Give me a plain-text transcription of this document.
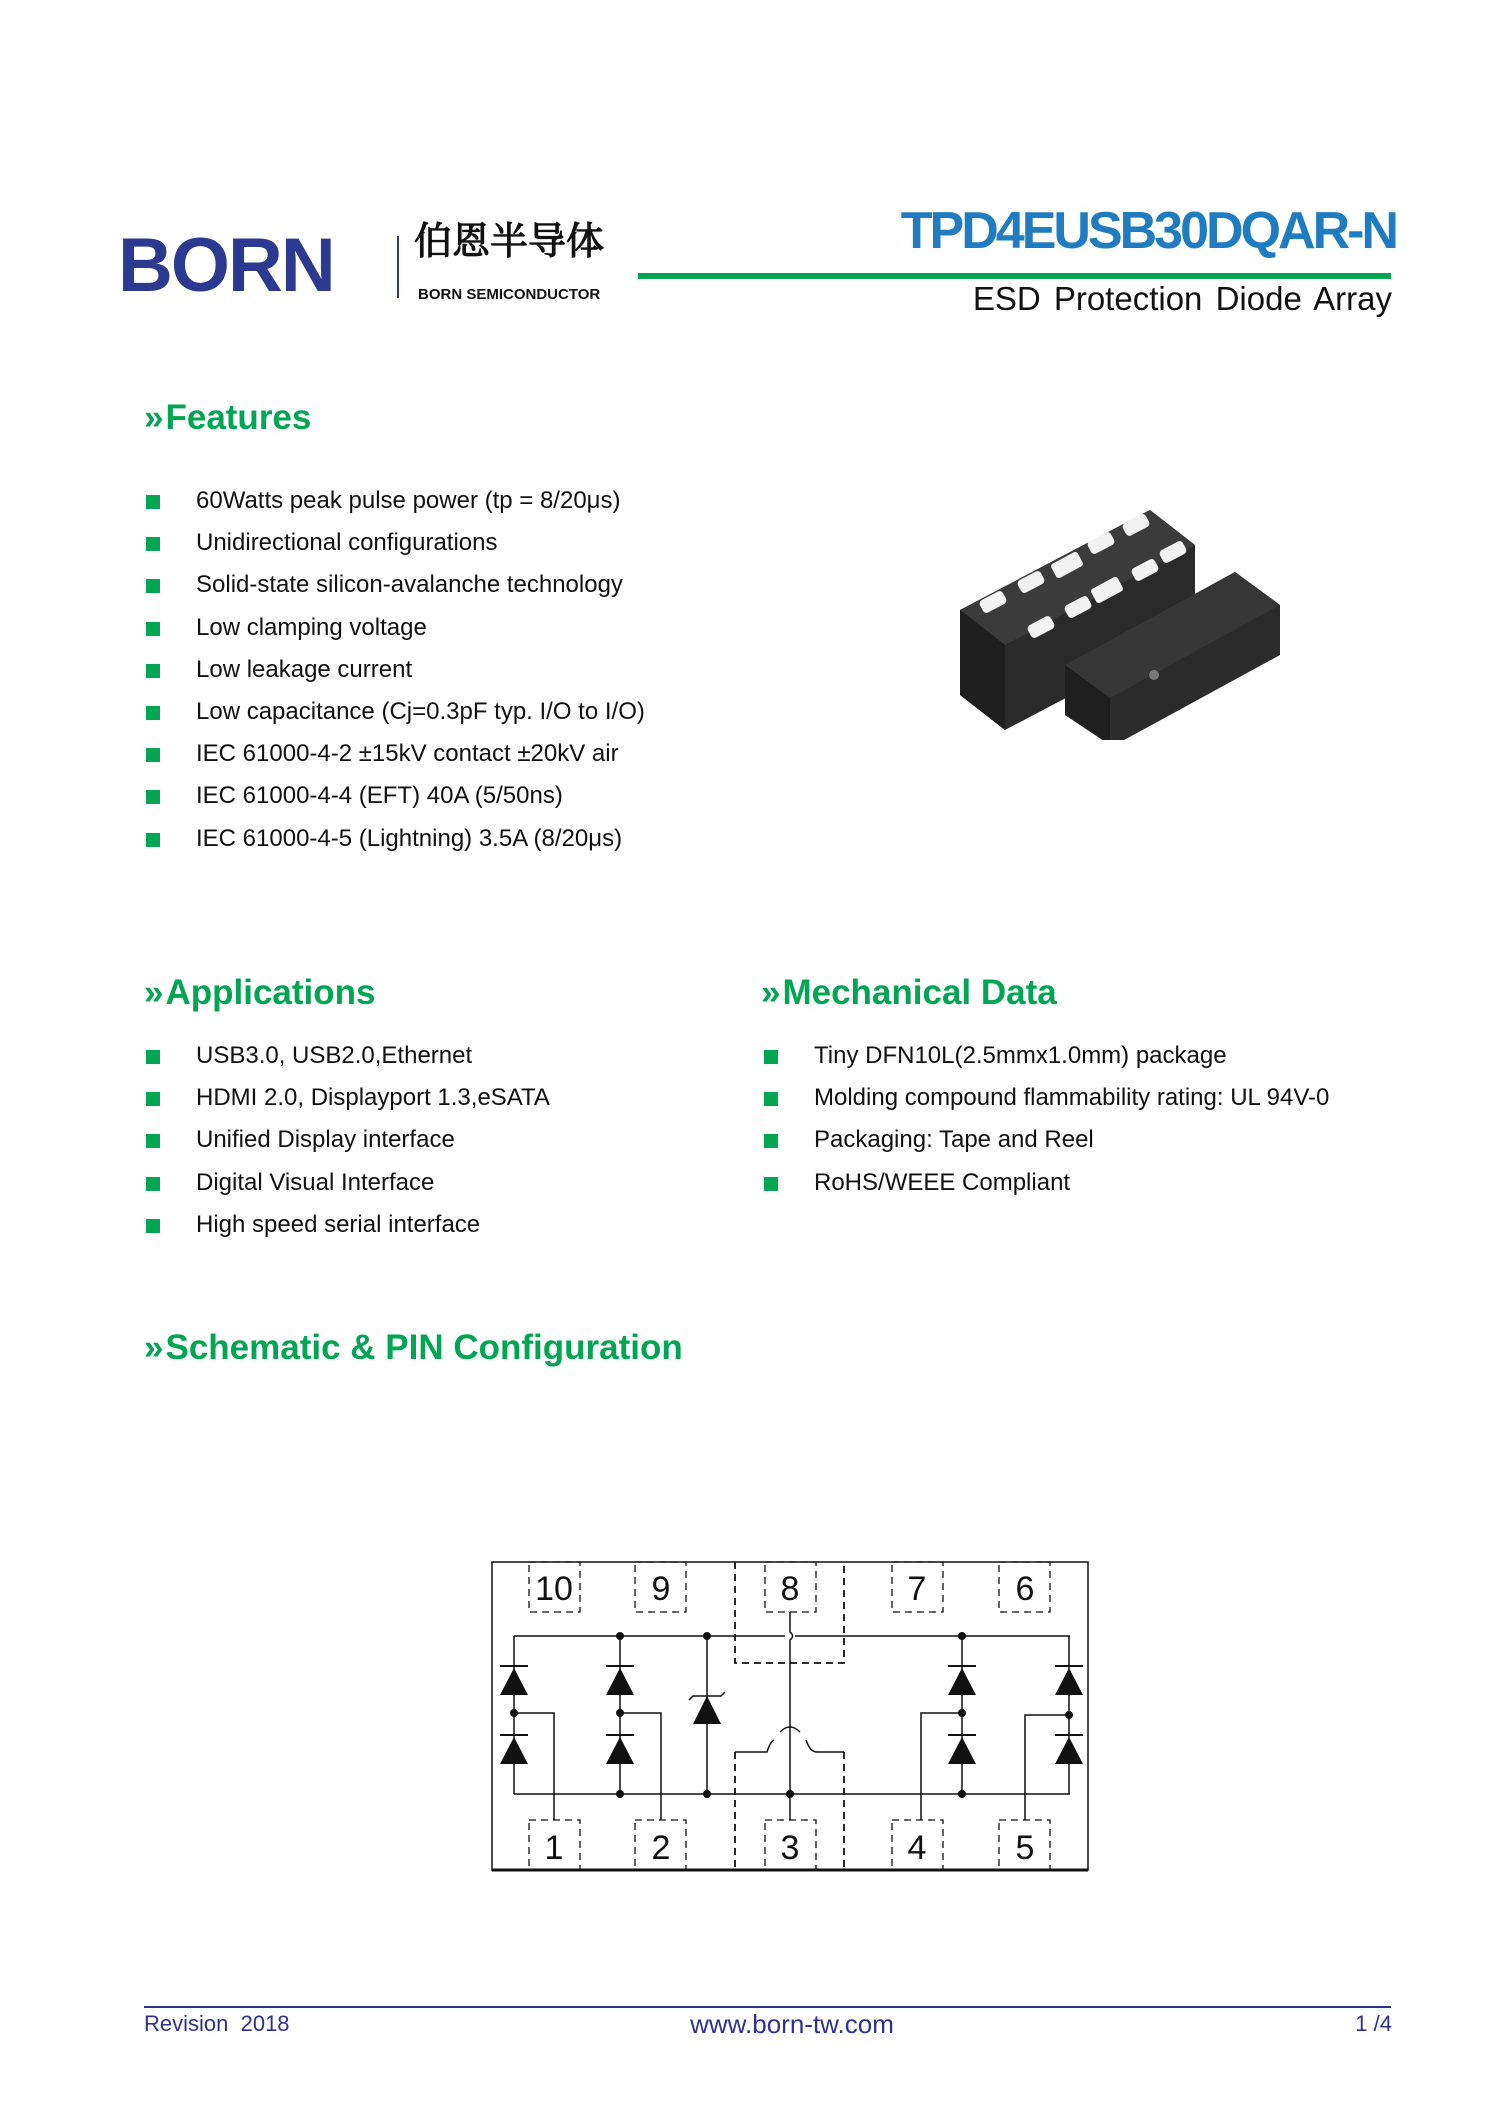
BORN 伯恩半导体
BORN SEMICONDUCTOR
TPD4EUSB30DQAR-N
ESD Protection Diode Array
»Features
60Watts peak pulse power (tp = 8/20μs)
Unidirectional configurations
Solid-state silicon-avalanche technology
Low clamping voltage
Low leakage current
Low capacitance (Cj=0.3pF typ. I/O to I/O)
IEC 61000-4-2 ±15kV contact ±20kV air
IEC 61000-4-4 (EFT) 40A (5/50ns)
IEC 61000-4-5 (Lightning) 3.5A (8/20μs)
»Applications
USB3.0, USB2.0,Ethernet
HDMI 2.0, Displayport 1.3,eSATA
Unified Display interface
Digital Visual Interface
High speed serial interface
»Mechanical Data
Tiny DFN10L(2.5mmx1.0mm) package
Molding compound flammability rating: UL 94V-0
Packaging: Tape and Reel
RoHS/WEEE Compliant
»Schematic & PIN Configuration
10 9	8	7	6
1	2	3	4	5
Revision  2018	www.born-tw.com	1 /4
